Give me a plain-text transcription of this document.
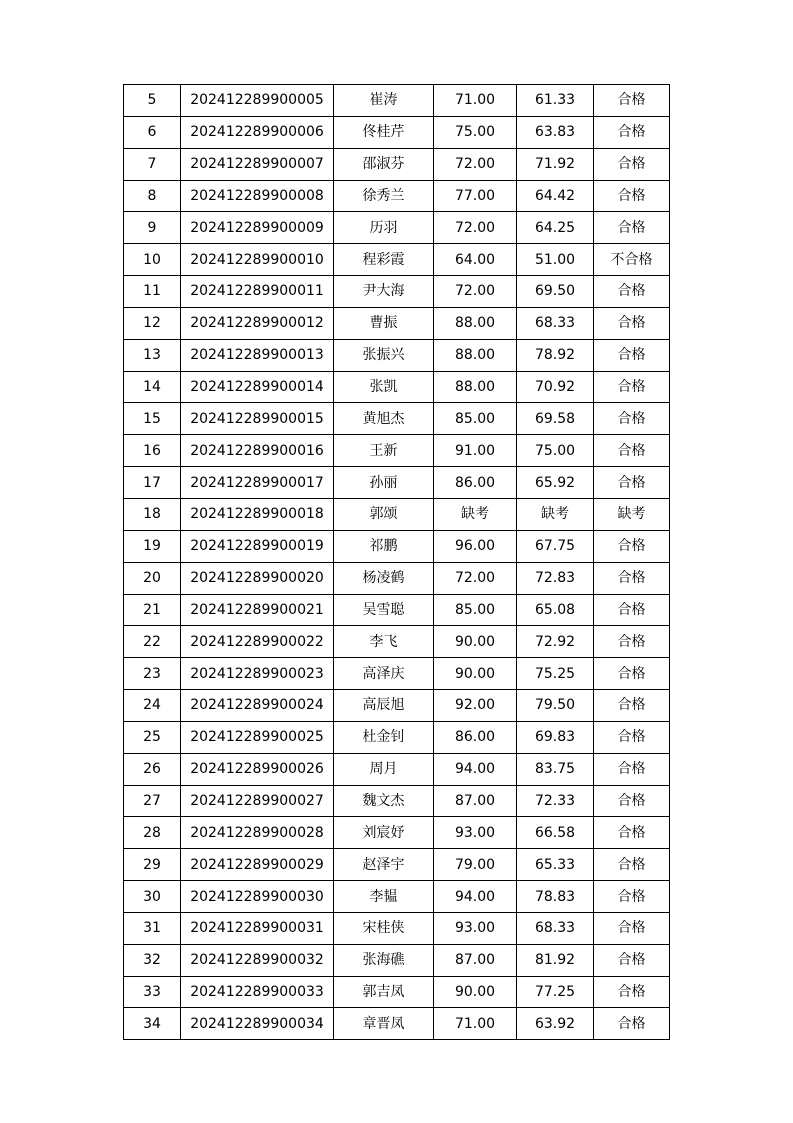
5	202412289900005	崔涛	71.00	61.33	合格
6	202412289900006	佟桂芹	75.00	63.83	合格
7	202412289900007	邵淑芬	72.00	71.92	合格
8	202412289900008	徐秀兰	77.00	64.42	合格
9	202412289900009	历羽	72.00	64.25	合格
10	202412289900010	程彩霞	64.00	51.00	不合格
11	202412289900011	尹大海	72.00	69.50	合格
12	202412289900012	曹振	88.00	68.33	合格
13	202412289900013	张振兴	88.00	78.92	合格
14	202412289900014	张凯	88.00	70.92	合格
15	202412289900015	黄旭杰	85.00	69.58	合格
16	202412289900016	王新	91.00	75.00	合格
17	202412289900017	孙丽	86.00	65.92	合格
18	202412289900018	郭颂	缺考	缺考	缺考
19	202412289900019	祁鹏	96.00	67.75	合格
20	202412289900020	杨凌鹤	72.00	72.83	合格
21	202412289900021	吴雪聪	85.00	65.08	合格
22	202412289900022	李飞	90.00	72.92	合格
23	202412289900023	高泽庆	90.00	75.25	合格
24	202412289900024	高辰旭	92.00	79.50	合格
25	202412289900025	杜金钊	86.00	69.83	合格
26	202412289900026	周月	94.00	83.75	合格
27	202412289900027	魏文杰	87.00	72.33	合格
28	202412289900028	刘宸妤	93.00	66.58	合格
29	202412289900029	赵泽宇	79.00	65.33	合格
30	202412289900030	李韫	94.00	78.83	合格
31	202412289900031	宋桂侠	93.00	68.33	合格
32	202412289900032	张海礁	87.00	81.92	合格
33	202412289900033	郭吉凤	90.00	77.25	合格
34	202412289900034	章晋凤	71.00	63.92	合格
